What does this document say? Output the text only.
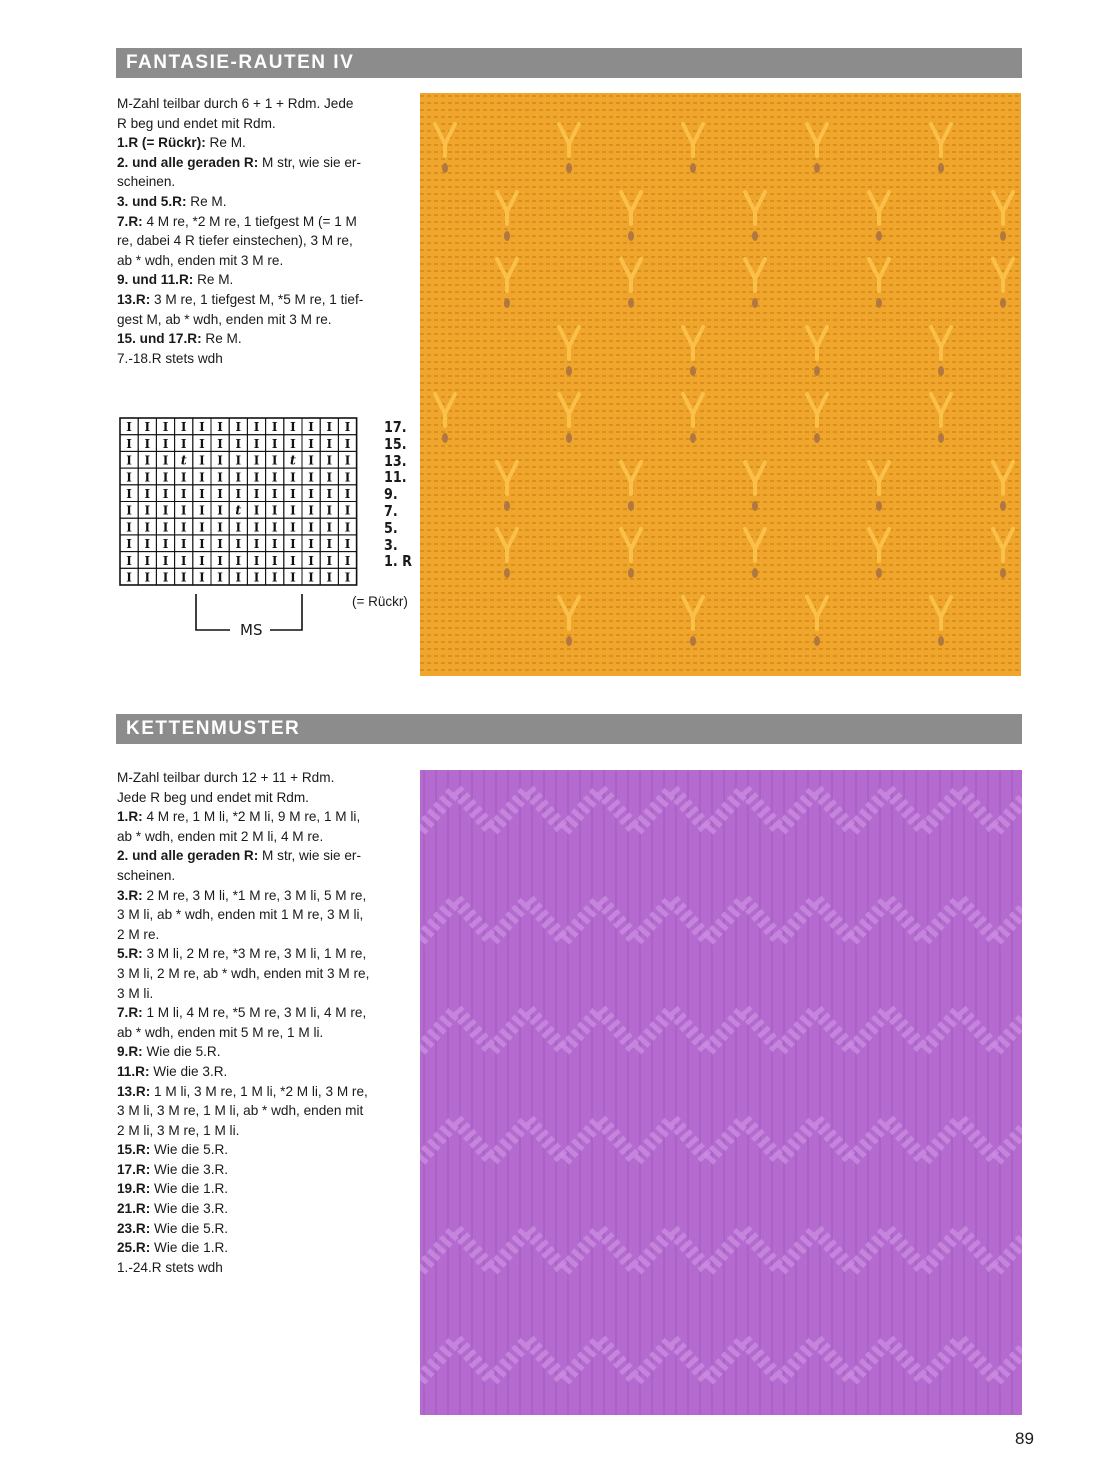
FANTASIE-RAUTEN IV
M-Zahl teilbar durch 6 + 1 + Rdm. Jede
R beg und endet mit Rdm.
1.R (= Rückr): Re M.
2. und alle geraden R: M str, wie sie er-
scheinen.
3. und 5.R: Re M.
7.R: 4 M re, *2 M re, 1 tiefgest M (= 1 M
re, dabei 4 R tiefer einstechen), 3 M re,
ab * wdh, enden mit 3 M re.
9. und 11.R: Re M.
13.R: 3 M re, 1 tiefgest M, *5 M re, 1 tief-
gest M, ab * wdh, enden mit 3 M re.
15. und 17.R: Re M.
7.-18.R stets wdh
I I I I I I I I I I I I I
I I I I I I I I I I I I I
I I I t I I I I I t I I I
I I I I I I I I I I I I I
I I I I I I I I I I I I I
I I I I I I t I I I I I I
I I I I I I I I I I I I I
I I I I I I I I I I I I I
I I I I I I I I I I I I I
I I I I I I I I I I I I I
17.
15.
13.
11.
9.
7.
5.
3.
1. R
(= Rückr)
MS
KETTENMUSTER
M-Zahl teilbar durch 12 + 11 + Rdm.
Jede R beg und endet mit Rdm.
1.R: 4 M re, 1 M li, *2 M li, 9 M re, 1 M li,
ab * wdh, enden mit 2 M li, 4 M re.
2. und alle geraden R: M str, wie sie er-
scheinen.
3.R: 2 M re, 3 M li, *1 M re, 3 M li, 5 M re,
3 M li, ab * wdh, enden mit 1 M re, 3 M li,
2 M re.
5.R: 3 M li, 2 M re, *3 M re, 3 M li, 1 M re,
3 M li, 2 M re, ab * wdh, enden mit 3 M re,
3 M li.
7.R: 1 M li, 4 M re, *5 M re, 3 M li, 4 M re,
ab * wdh, enden mit 5 M re, 1 M li.
9.R: Wie die 5.R.
11.R: Wie die 3.R.
13.R: 1 M li, 3 M re, 1 M li, *2 M li, 3 M re,
3 M li, 3 M re, 1 M li, ab * wdh, enden mit
2 M li, 3 M re, 1 M li.
15.R: Wie die 5.R.
17.R: Wie die 3.R.
19.R: Wie die 1.R.
21.R: Wie die 3.R.
23.R: Wie die 5.R.
25.R: Wie die 1.R.
1.-24.R stets wdh
89
